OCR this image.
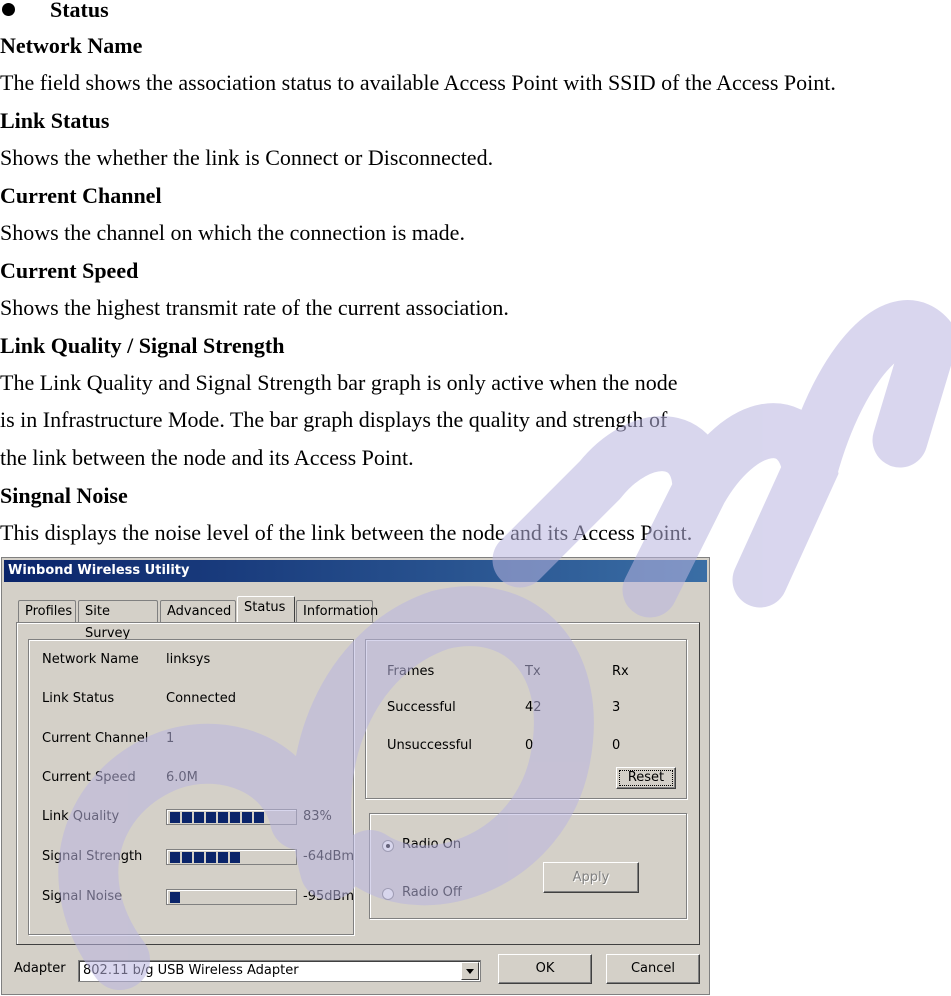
Status
Network Name
The field shows the association status to available Access Point with SSID of the Access Point.
Link Status
Shows the whether the link is Connect or Disconnected.
Current Channel
Shows the channel on which the connection is made.
Current Speed
Shows the highest transmit rate of the current association.
Link Quality / Signal Strength
The Link Quality and Signal Strength bar graph is only active when the node
is in Infrastructure Mode. The bar graph displays the quality and strength of
the link between the node and its Access Point.
Singnal Noise
This displays the noise level of the link between the node and its Access Point.
Winbond Wireless Utility
Profiles Site Survey
Advanced Status	Information
Network Name linksys
Link Status	Connected
Current Channel 1
Current Speed 6.0M
Link Quality	83%
Signal Strength	-64dBm
Signal Noise	-95dBm
Frames	Tx	Rx
Successful	42	3
Unsuccessful	0	0
Reset
Radio On
Radio Off
Apply
Adapter	802.11 b/g USB Wireless Adapter	OK	Cancel
